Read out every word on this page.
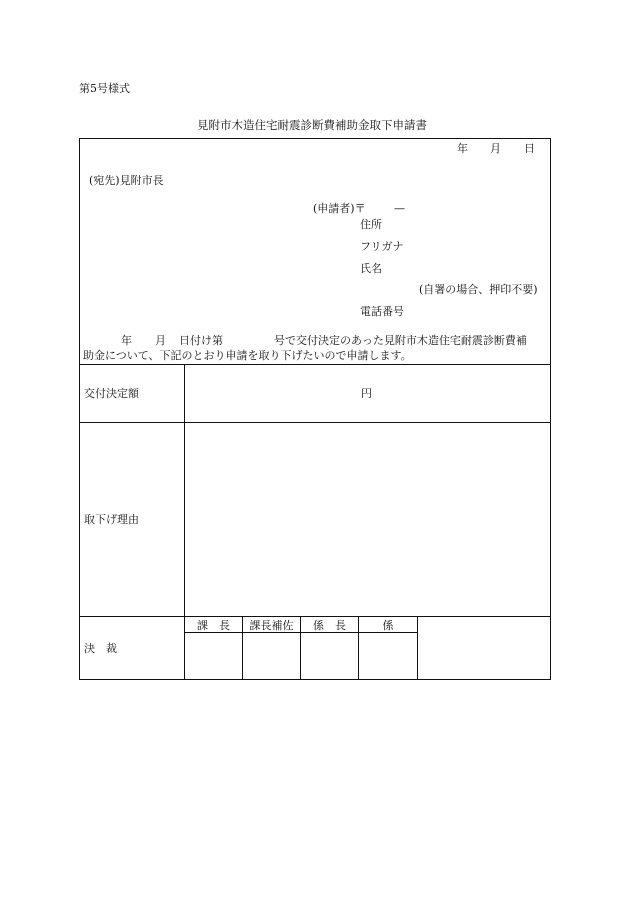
第5号様式
見附市木造住宅耐震診断費補助金取下申請書
年 月 日
(宛先)見附市長
(申請者)〒	—
住所
フリガナ
氏名
(自署の場合、押印不要)
電話番号
年 月 日付け第	号で交付決定のあった見附市木造住宅耐震診断費補
助金について、下記のとおり申請を取り下げたいので申請します。
交付決定額	円
取下げ理由
決　裁
課　長	課長補佐	係　長	係
